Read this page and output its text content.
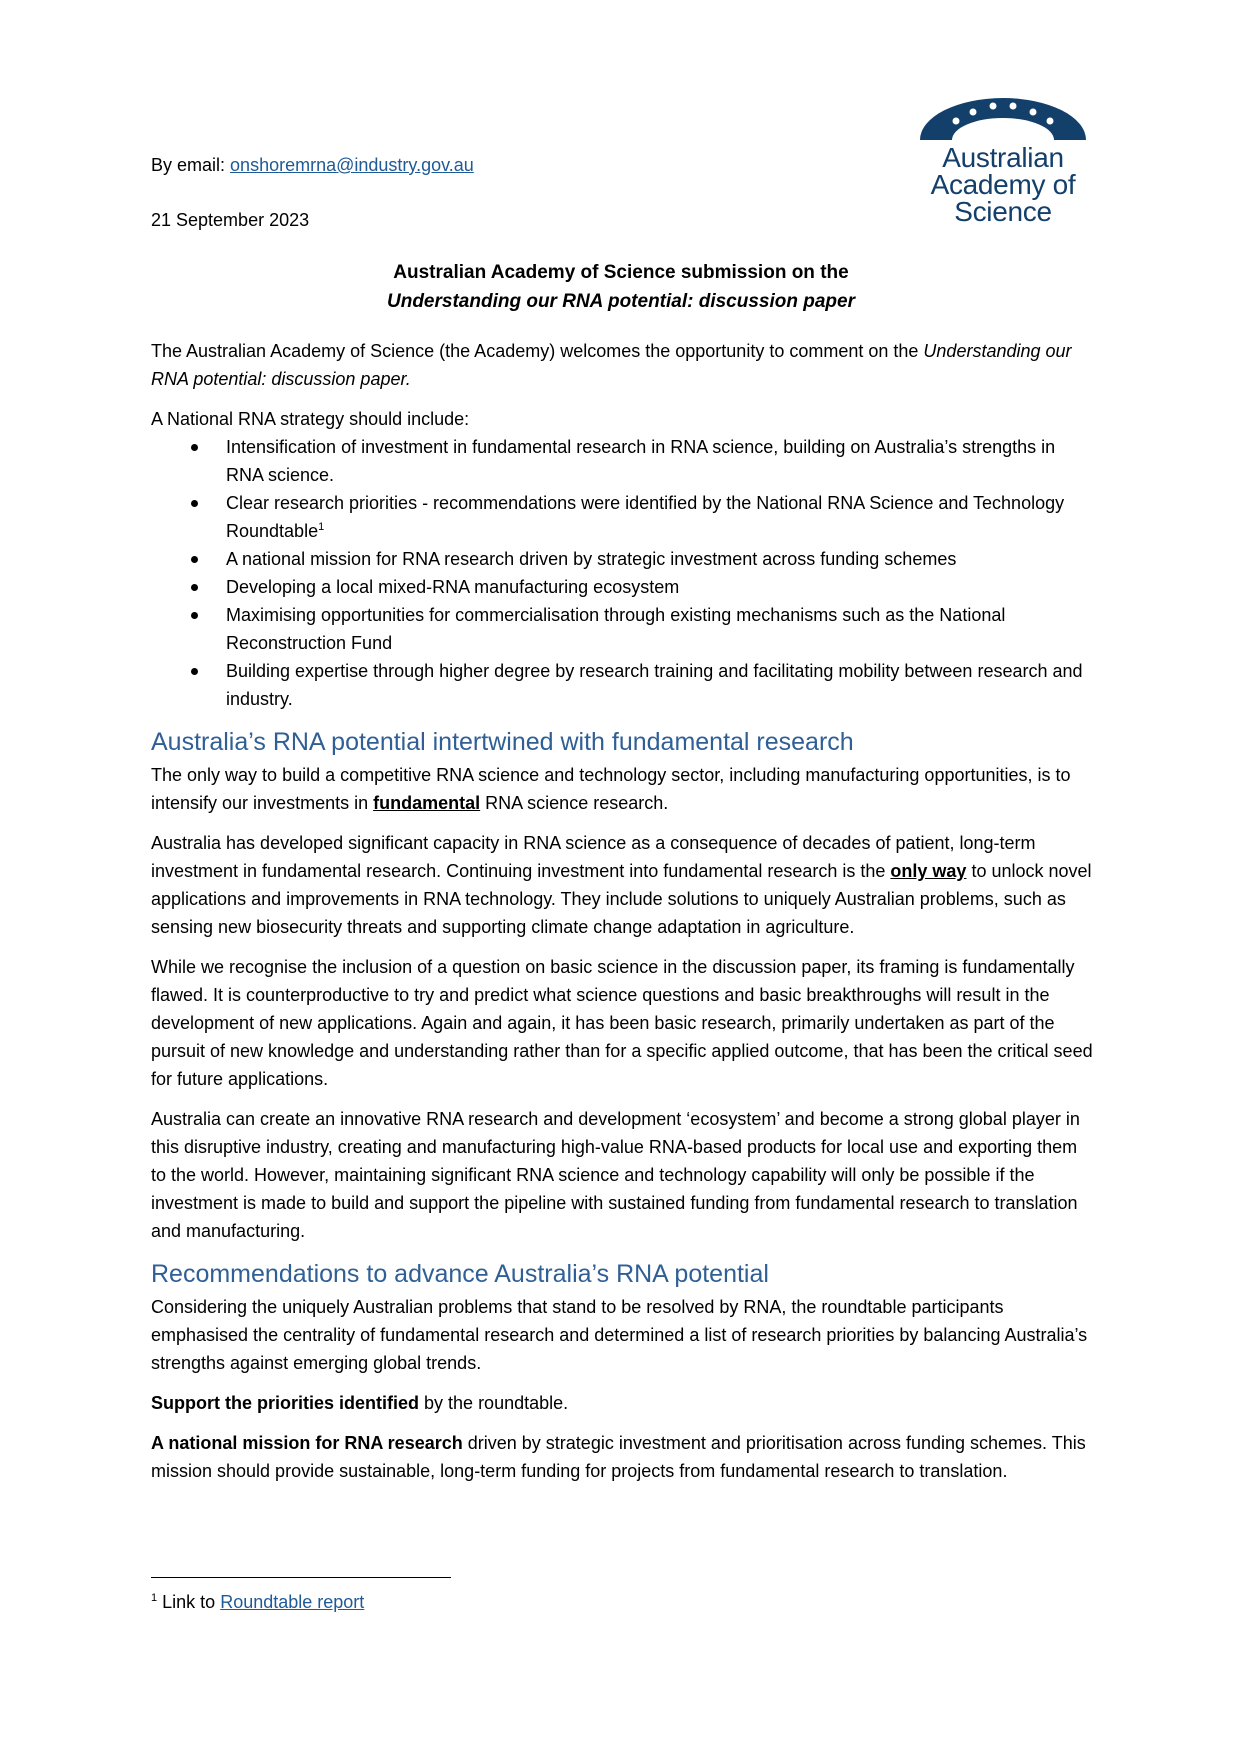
Australian
Academy of
Science
By email: onshoremrna@industry.gov.au
21 September 2023
Australian Academy of Science submission on the
Understanding our RNA potential: discussion paper

The Australian Academy of Science (the Academy) welcomes the opportunity to comment on the Understanding our RNA potential: discussion paper.

A National RNA strategy should include:

Intensification of investment in fundamental research in RNA science, building on Australia’s strengths in RNA science.
Clear research priorities - recommendations were identified by the National RNA Science and Technology Roundtable$^1$
A national mission for RNA research driven by strategic investment across funding schemes
Developing a local mixed-RNA manufacturing ecosystem
Maximising opportunities for commercialisation through existing mechanisms such as the National Reconstruction Fund
Building expertise through higher degree by research training and facilitating mobility between research and industry.
Australia’s RNA potential intertwined with fundamental research

The only way to build a competitive RNA science and technology sector, including manufacturing opportunities, is to intensify our investments in fundamental RNA science research.

Australia has developed significant capacity in RNA science as a consequence of decades of patient, long-term investment in fundamental research. Continuing investment into fundamental research is the only way to unlock novel applications and improvements in RNA technology. They include solutions to uniquely Australian problems, such as sensing new biosecurity threats and supporting climate change adaptation in agriculture.

While we recognise the inclusion of a question on basic science in the discussion paper, its framing is fundamentally flawed. It is counterproductive to try and predict what science questions and basic breakthroughs will result in the development of new applications. Again and again, it has been basic research, primarily undertaken as part of the pursuit of new knowledge and understanding rather than for a specific applied outcome, that has been the critical seed for future applications.

Australia can create an innovative RNA research and development ‘ecosystem’ and become a strong global player in this disruptive industry, creating and manufacturing high-value RNA-based products for local use and exporting them to the world. However, maintaining significant RNA science and technology capability will only be possible if the investment is made to build and support the pipeline with sustained funding from fundamental research to translation and manufacturing.

Recommendations to advance Australia’s RNA potential

Considering the uniquely Australian problems that stand to be resolved by RNA, the roundtable participants emphasised the centrality of fundamental research and determined a list of research priorities by balancing Australia’s strengths against emerging global trends.

Support the priorities identified by the roundtable.

A national mission for RNA research driven by strategic investment and prioritisation across funding schemes. This mission should provide sustainable, long-term funding for projects from fundamental research to translation.

$^1$ Link to Roundtable report
